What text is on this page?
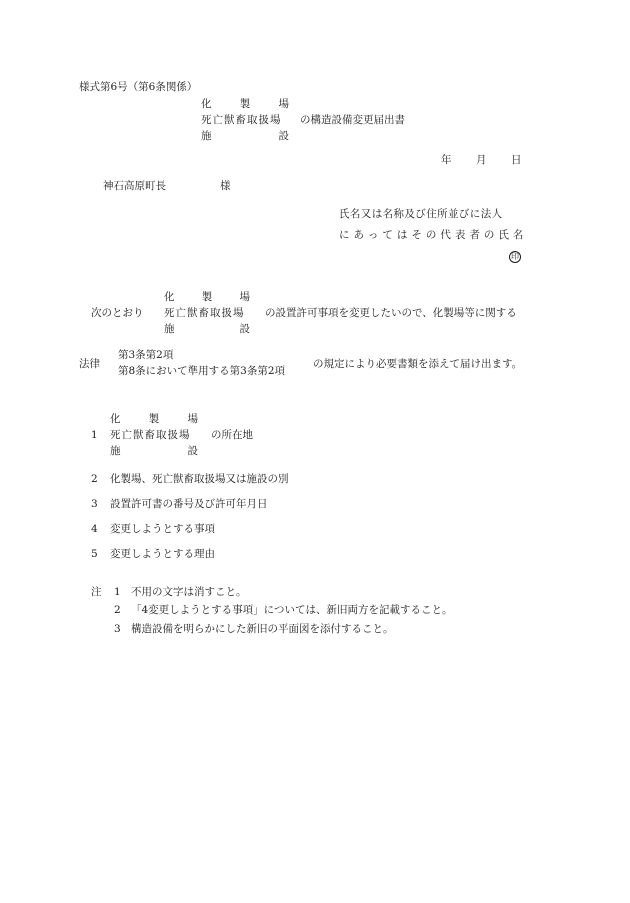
様式第6号（第6条関係）
化	製	場
死亡獣畜取扱場 の構造設備変更届出書
施	設
年 月 日
神石高原町長	様
氏名又は名称及び住所並びに法人
にあってはその代表者の氏名
印
化	製	場
次のとおり 死亡獣畜取扱場 の設置許可事項を変更したいので、化製場等に関する
施	設
第3条第2項
法律	の規定により必要書類を添えて届け出ます。
第8条において準用する第3条第2項
化	製	場
1 死亡獣畜取扱場 の所在地
施	設
2 化製場、死亡獣畜取扱場又は施設の別
3 設置許可書の番号及び許可年月日
4 変更しようとする事項
5 変更しようとする理由
注 1 不用の文字は消すこと。
2 「4変更しようとする事項」については、新旧両方を記載すること。
3 構造設備を明らかにした新旧の平面図を添付すること。
